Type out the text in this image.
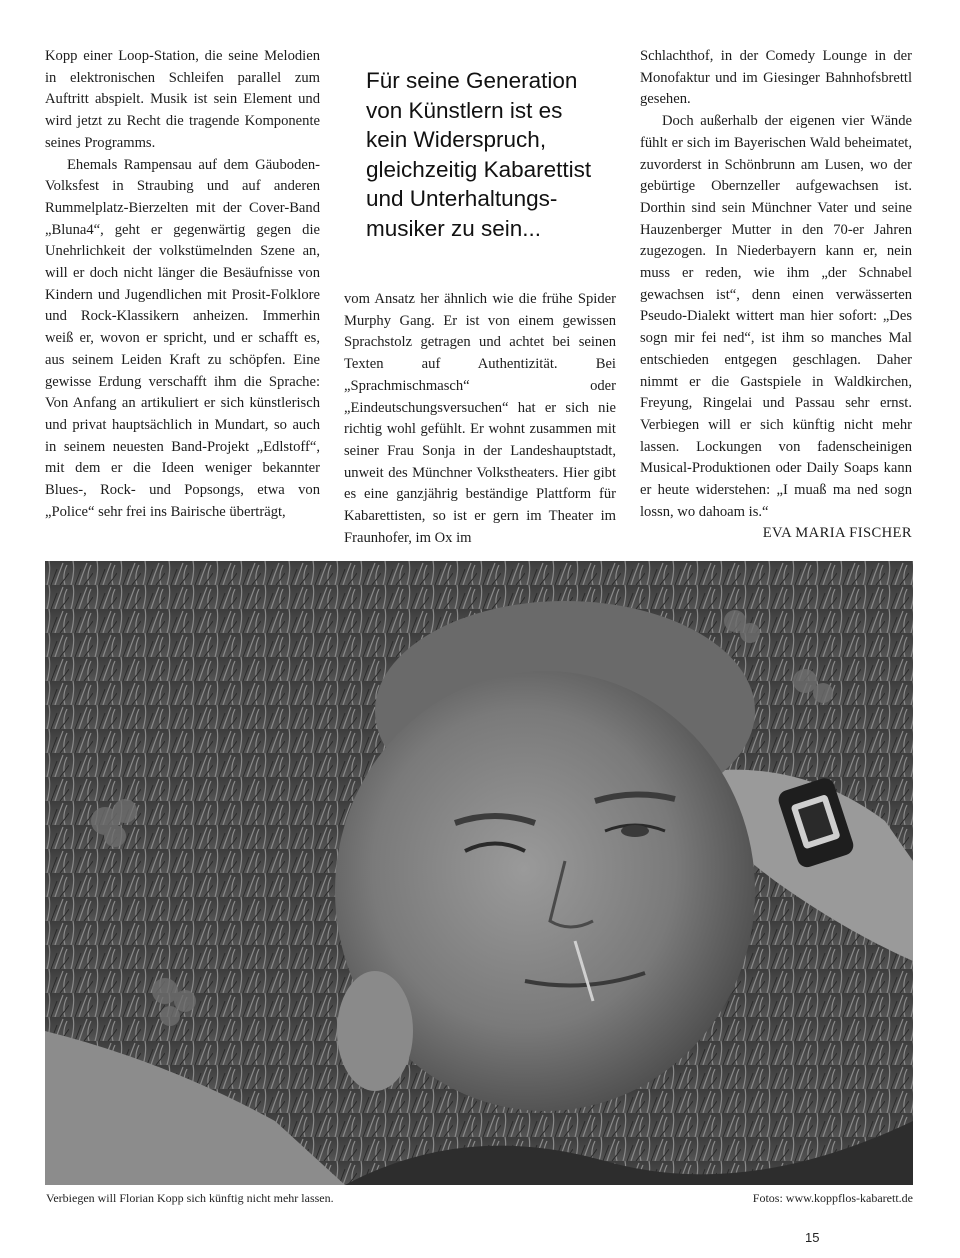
Kopp einer Loop-Station, die seine Melodien in elektronischen Schleifen parallel zum Auftritt abspielt. Musik ist sein Element und wird jetzt zu Recht die tragende Komponente seines Programms.

Ehemals Rampensau auf dem Gäuboden-Volksfest in Straubing und auf anderen Rummelplatz-Bierzelten mit der Cover-Band „Bluna4“, geht er gegenwärtig gegen die Unehrlichkeit der volkstümelnden Szene an, will er doch nicht länger die Besäufnisse von Kindern und Jugendlichen mit Prosit-Folklore und Rock-Klassikern anheizen. Immerhin weiß er, wovon er spricht, und er schafft es, aus seinem Leiden Kraft zu schöpfen. Eine gewisse Erdung verschafft ihm die Sprache: Von Anfang an artikuliert er sich künstlerisch und privat hauptsächlich in Mundart, so auch in seinem neuesten Band-Projekt „Edlstoff“, mit dem er die Ideen weniger bekannter Blues-, Rock- und Popsongs, etwa von „Police“ sehr frei ins Bairische überträgt,

Für seine Generation
von Künstlern ist es
kein Widerspruch,
gleichzeitig Kabarettist
und Unterhaltungs-
musiker zu sein...

vom Ansatz her ähnlich wie die frühe Spider Murphy Gang. Er ist von einem gewissen Sprachstolz getragen und achtet bei seinen Texten auf Authentizität. Bei „Sprachmischmasch“ oder „Eindeutschungsversuchen“ hat er sich nie richtig wohl gefühlt. Er wohnt zusammen mit seiner Frau Sonja in der Landeshauptstadt, unweit des Münchner Volkstheaters. Hier gibt es eine ganzjährig beständige Plattform für Kabarettisten, so ist er gern im Theater im Fraunhofer, im Ox im

Schlachthof, in der Comedy Lounge in der Monofaktur und im Giesinger Bahnhofsbrettl gesehen.

Doch außerhalb der eigenen vier Wände fühlt er sich im Bayerischen Wald beheimatet, zuvorderst in Schönbrunn am Lusen, wo der gebürtige Obernzeller aufgewachsen ist. Dorthin sind sein Münchner Vater und seine Hauzenberger Mutter in den 70-er Jahren zugezogen. In Niederbayern kann er, nein muss er reden, wie ihm „der Schnabel gewachsen ist“, denn einen verwässerten Pseudo-Dialekt wittert man hier sofort: „Des sogn mir fei ned“, ist ihm so manches Mal entschieden entgegen geschlagen. Daher nimmt er die Gastspiele in Waldkirchen, Freyung, Ringelai und Passau sehr ernst. Verbiegen will er sich künftig nicht mehr lassen. Lockungen von fadenscheinigen Musical-Produktionen oder Daily Soaps kann er heute widerstehen: „I muaß ma ned sogn lossn, wo dahoam is.“

EVA MARIA FISCHER
Verbiegen will Florian Kopp sich künftig nicht mehr lassen.	Fotos: www.koppflos-kabarett.de
15
